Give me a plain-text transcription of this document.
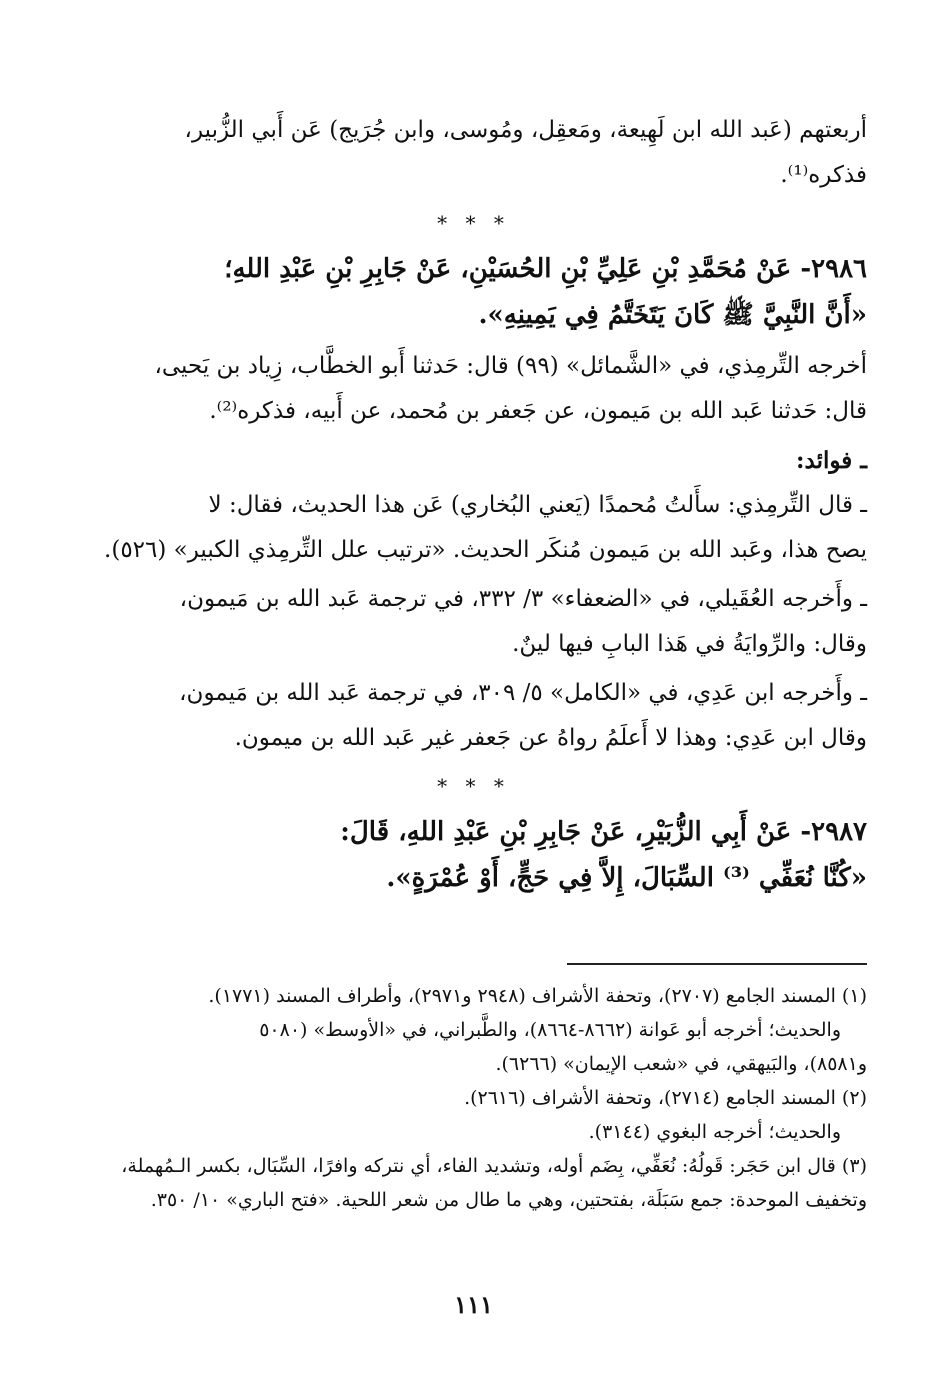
أربعتهم (عَبد الله ابن لَهِيعة، ومَعقِل، ومُوسى، وابن جُرَيج) عَن أَبي الزُّبير،

فذكره⁽¹⁾.

* * *

٢٩٨٦- عَنْ مُحَمَّدِ بْنِ عَلِيِّ بْنِ الحُسَيْنِ، عَنْ جَابِرِ بْنِ عَبْدِ اللهِ؛

«أَنَّ النَّبِيَّ ﷺ كَانَ يَتَخَتَّمُ فِي يَمِينِهِ».

أخرجه التِّرمِذي، في «الشَّمائل» (٩٩) قال: حَدثنا أَبو الخطَّاب، زِياد بن يَحيى،

قال: حَدثنا عَبد الله بن مَيمون، عن جَعفر بن مُحمد، عن أَبيه، فذكره⁽²⁾.

ـ فوائد:

ـ قال التِّرمِذي: سأَلتُ مُحمدًا (يَعني البُخاري) عَن هذا الحديث، فقال: لا

يصح هذا، وعَبد الله بن مَيمون مُنكَر الحديث. «ترتيب علل التِّرمِذي الكبير» (٥٢٦).

ـ وأَخرجه العُقَيلي، في «الضعفاء» ٣/ ٣٣٢، في ترجمة عَبد الله بن مَيمون،

وقال: والرِّوايَةُ في هَذا البابِ فيها لينٌ.

ـ وأَخرجه ابن عَدِي، في «الكامل» ٥/ ٣٠٩، في ترجمة عَبد الله بن مَيمون،

وقال ابن عَدِي: وهذا لا أَعلَمُ رواهُ عن جَعفر غير عَبد الله بن ميمون.

* * *

٢٩٨٧- عَنْ أَبِي الزُّبَيْرِ، عَنْ جَابِرِ بْنِ عَبْدِ اللهِ، قَالَ:

«كُنَّا نُعَفِّي ⁽³⁾ السِّبَالَ، إِلاَّ فِي حَجٍّ، أَوْ عُمْرَةٍ».

(١) المسند الجامع (٢٧٠٧)، وتحفة الأشراف (٢٩٤٨ و٢٩٧١)، وأطراف المسند (١٧٧١).

والحديث؛ أخرجه أبو عَوانة (٨٦٦٢-٨٦٦٤)، والطَّبراني، في «الأوسط» (٥٠٨٠

و٨٥٨١)، والبَيهقي، في «شعب الإيمان» (٦٢٦٦).

(٢) المسند الجامع (٢٧١٤)، وتحفة الأشراف (٢٦١٦).

والحديث؛ أخرجه البغوي (٣١٤٤).

(٣) قال ابن حَجَر: قَولُهُ: نُعَفِّي، بِضَم أوله، وتشديد الفاء، أي نتركه وافرًا، السِّبَال، بكسر الـمُهملة،

وتخفيف الموحدة: جمع سَبَلَة، بفتحتين، وهي ما طال من شعر اللحية. «فتح الباري» ١٠/ ٣٥٠.

١١١
